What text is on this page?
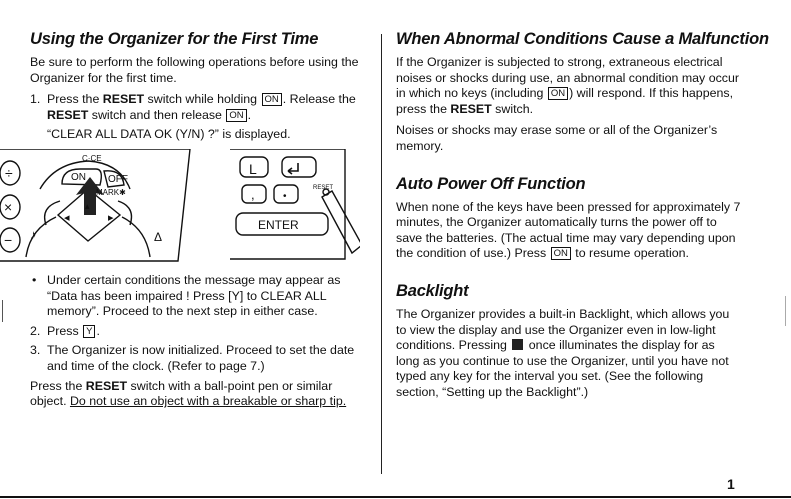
Using the Organizer for the First Time

Be sure to perform the following operations before using the Organizer for the first time.

1. Press the RESET switch while holding ON . Release the RESET switch and then release ON .

“CLEAR ALL DATA OK (Y/N) ?” is displayed.

÷
×
−
C·CE
ON OFF
MARK✱
♪
◂	▸
▴
Δ
L
,	•
RESET
ENTER
• Under certain conditions the message may appear as “Data has been impaired ! Press [Y] to CLEAR ALL memory”. Proceed to the next step in either case.
2. Press Y .
3. The Organizer is now initialized. Proceed to set the date and time of the clock. (Refer to page 7.)

Press the RESET switch with a ball-point pen or similar object. Do not use an object with a breakable or sharp tip.

When Abnormal Conditions Cause a Malfunction

If the Organizer is subjected to strong, extraneous electrical noises or shocks during use, an abnormal condition may occur in which no keys (including ON ) will respond. If this happens, press the RESET switch.

Noises or shocks may erase some or all of the Organizer’s memory.

Auto Power Off Function

When none of the keys have been pressed for approximately 7 minutes, the Organizer automatically turns the power off to save the batteries. (The actual time may vary depending upon the condition of use.) Press ON to resume operation.

Backlight

The Organizer provides a built-in Backlight, which allows you to view the display and use the Organizer even in low-light conditions. Pressing  once illuminates the display for as long as you continue to use the Organizer, until you have not typed any key for the interval you set. (See the following section, “Setting up the Backlight”.)

1
